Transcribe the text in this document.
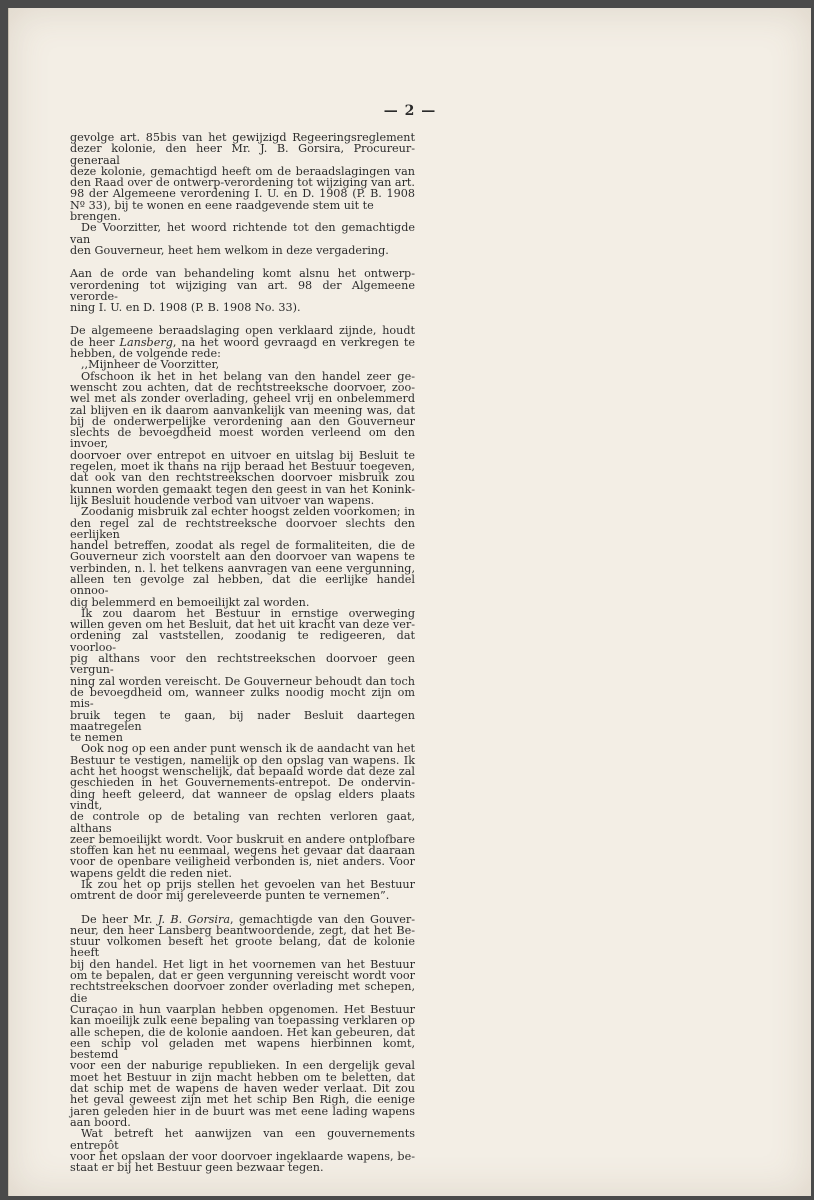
— 2 —

gevolge art. 85bis van het gewijzigd Regeeringsreglement
dezer kolonie, den heer Mr. J. B. Gorsira, Procureur-generaal
deze kolonie, gemachtigd heeft om de beraadslagingen van
den Raad over de ontwerp-verordening tot wijziging van art.
98 der Algemeene verordening I. U. en D. 1908 (P. B. 1908
Nº 33), bij te wonen en eene raadgevende stem uit te brengen.

De Voorzitter, het woord richtende tot den gemachtigde van
den Gouverneur, heet hem welkom in deze vergadering.

Aan de orde van behandeling komt alsnu het ontwerp-
verordening tot wijziging van art. 98 der Algemeene verorde-
ning I. U. en D. 1908 (P. B. 1908 No. 33).

De algemeene beraadslaging open verklaard zijnde, houdt
de heer Lansberg, na het woord gevraagd en verkregen te
hebben, de volgende rede:

,,Mijnheer de Voorzitter,

Ofschoon ik het in het belang van den handel zeer ge-
wenscht zou achten, dat de rechtstreeksche doorvoer, zoo-
wel met als zonder overlading, geheel vrij en onbelemmerd
zal blijven en ik daarom aanvankelijk van meening was, dat
bij de onderwerpelijke verordening aan den Gouverneur
slechts de bevoegdheid moest worden verleend om den invoer,
doorvoer over entrepot en uitvoer en uitslag bij Besluit te
regelen, moet ik thans na rijp beraad het Bestuur toegeven,
dat ook van den rechtstreekschen doorvoer misbruik zou
kunnen worden gemaakt tegen den geest in van het Konink-
lijk Besluit houdende verbod van uitvoer van wapens.

Zoodanig misbruik zal echter hoogst zelden voorkomen; in
den regel zal de rechtstreeksche doorvoer slechts den eerlijken
handel betreffen, zoodat als regel de formaliteiten, die de
Gouverneur zich voorstelt aan den doorvoer van wapens te
verbinden, n. l. het telkens aanvragen van eene vergunning,
alleen ten gevolge zal hebben, dat die eerlijke handel onnoo-
dig belemmerd en bemoeilijkt zal worden.

Ik zou daarom het Bestuur in ernstige overweging
willen geven om het Besluit, dat het uit kracht van deze ver-
ordening zal vaststellen, zoodanig te redigeeren, dat voorloo-
pig althans voor den rechtstreekschen doorvoer geen vergun-
ning zal worden vereischt. De Gouverneur behoudt dan toch
de bevoegdheid om, wanneer zulks noodig mocht zijn om mis-
bruik tegen te gaan, bij nader Besluit daartegen maatregelen
te nemen

Ook nog op een ander punt wensch ik de aandacht van het
Bestuur te vestigen, namelijk op den opslag van wapens. Ik
acht het hoogst wenschelijk, dat bepaald worde dat deze zal
geschieden in het Gouvernements-entrepot. De ondervin-
ding heeft geleerd, dat wanneer de opslag elders plaats vindt,
de controle op de betaling van rechten verloren gaat, althans
zeer bemoeilijkt wordt. Voor buskruit en andere ontplofbare
stoffen kan het nu eenmaal, wegens het gevaar dat daaraan
voor de openbare veiligheid verbonden is, niet anders. Voor
wapens geldt die reden niet.

Ik zou het op prijs stellen het gevoelen van het Bestuur
omtrent de door mij gereleveerde punten te vernemen”.

De heer Mr. J. B. Gorsira, gemachtigde van den Gouver-
neur, den heer Lansberg beantwoordende, zegt, dat het Be-
stuur volkomen beseft het groote belang, dat de kolonie heeft
bij den handel. Het ligt in het voornemen van het Bestuur
om te bepalen, dat er geen vergunning vereischt wordt voor
rechtstreekschen doorvoer zonder overlading met schepen, die
Curaçao in hun vaarplan hebben opgenomen. Het Bestuur
kan moeilijk zulk eene bepaling van toepassing verklaren op
alle schepen, die de kolonie aandoen. Het kan gebeuren, dat
een schip vol geladen met wapens hierbinnen komt, bestemd
voor een der naburige republieken. In een dergelijk geval
moet het Bestuur in zijn macht hebben om te beletten, dat
dat schip met de wapens de haven weder verlaat. Dit zou
het geval geweest zijn met het schip Ben Righ, die eenige
jaren geleden hier in de buurt was met eene lading wapens
aan boord.

Wat betreft het aanwijzen van een gouvernements entrepôt
voor het opslaan der voor doorvoer ingeklaarde wapens, be-
staat er bij het Bestuur geen bezwaar tegen.
